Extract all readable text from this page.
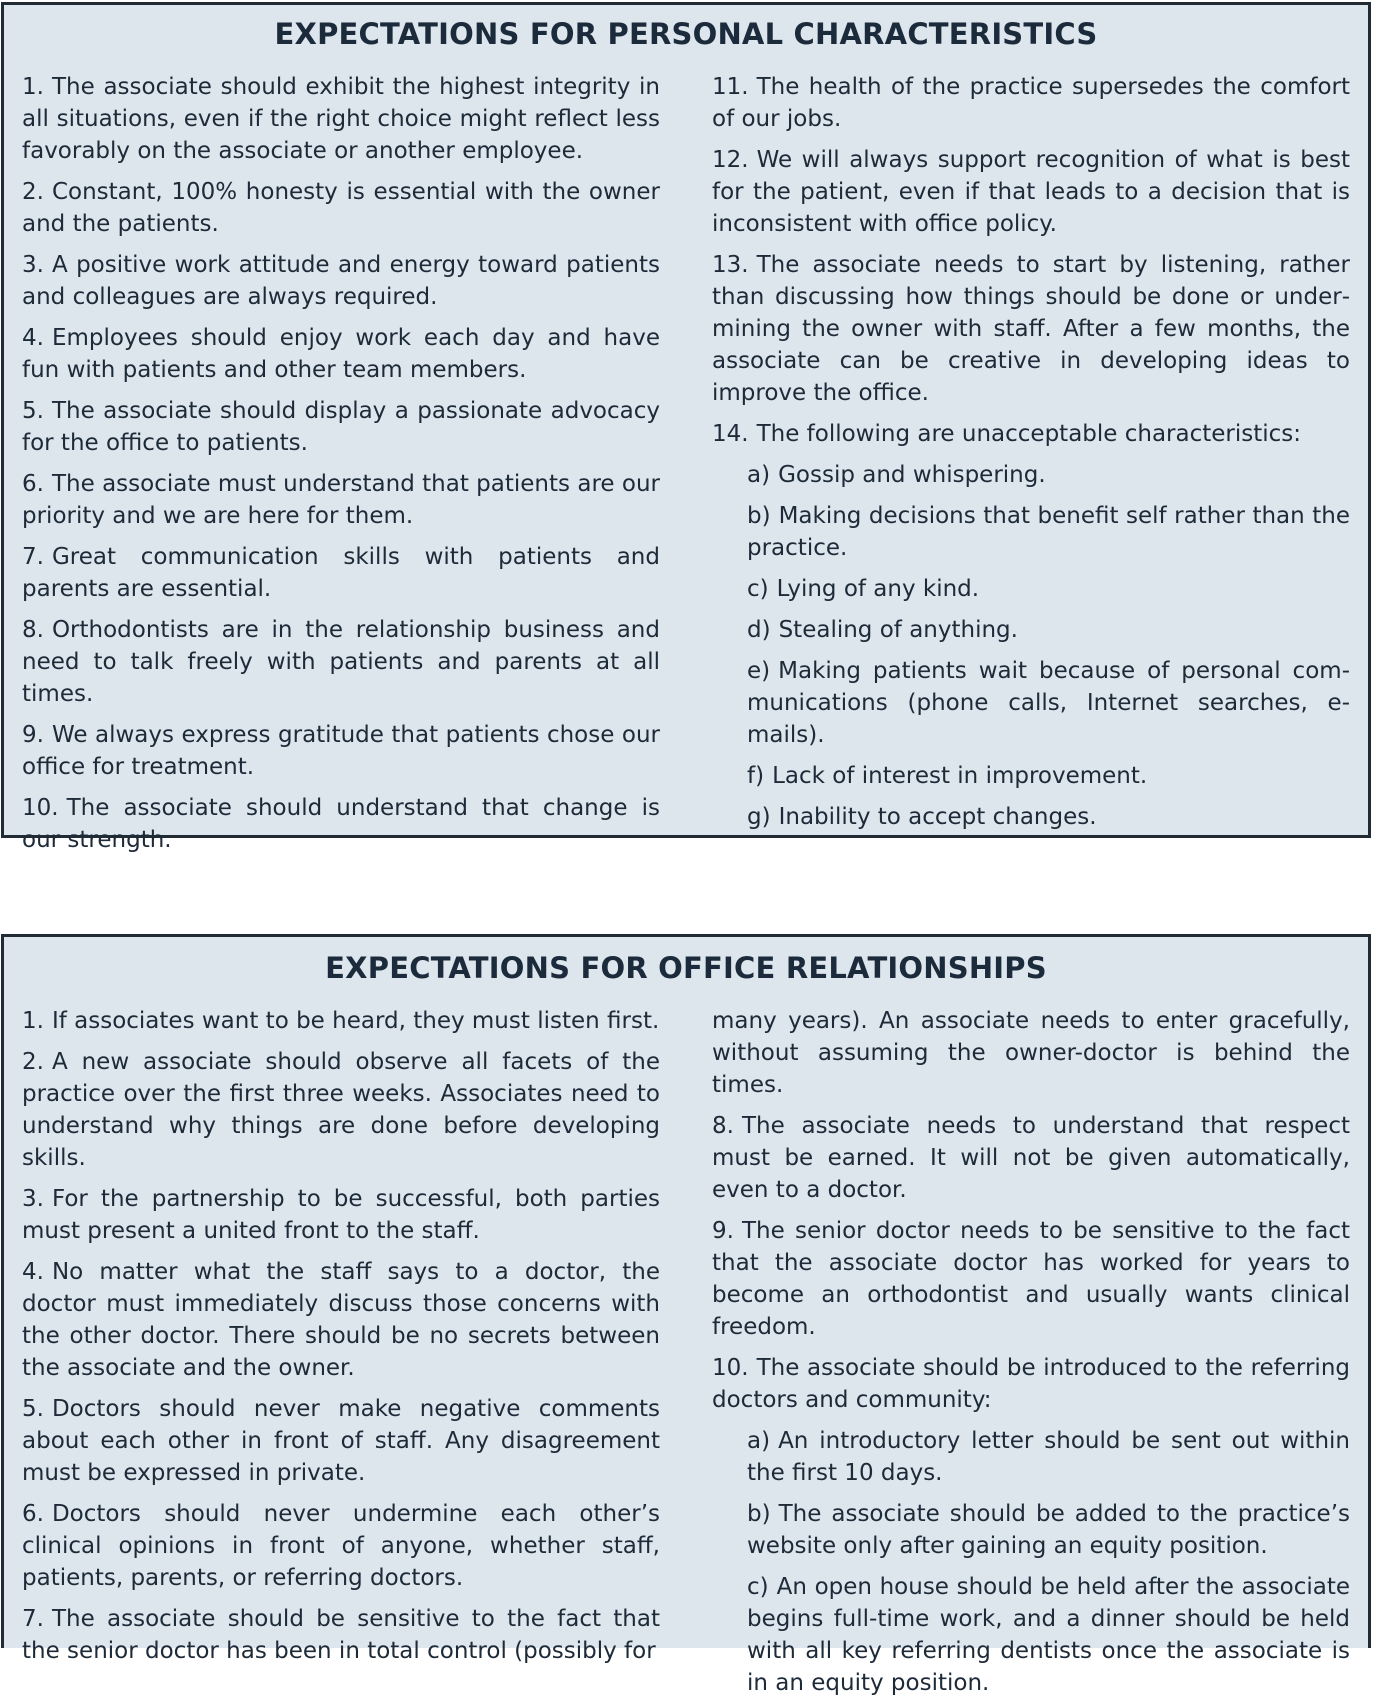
EXPECTATIONS FOR PERSONAL CHARACTERISTICS

1. The associate should exhibit the highest integrity in all situations, even if the right choice might reflect less favorably on the associate or another employee.

2. Constant, 100% honesty is essential with the owner and the patients.

3. A positive work attitude and energy toward patients and colleagues are always required.

4. Employees should enjoy work each day and have fun with patients and other team members.

5. The associate should display a passionate advocacy for the office to patients.

6. The associate must understand that patients are our priority and we are here for them.

7. Great communication skills with patients and parents are essential.

8. Orthodontists are in the relationship business and need to talk freely with patients and parents at all times.

9. We always express gratitude that patients chose our office for treatment.

10. The associate should understand that change is our strength.

11. The health of the practice supersedes the comfort of our jobs.

12. We will always support recognition of what is best for the patient, even if that leads to a decision that is inconsistent with office policy.

13. The associate needs to start by listening, rather than discussing how things should be done or undermining the owner with staff. After a few months, the associate can be creative in developing ideas to improve the office.

14. The following are unacceptable characteristics:

a) Gossip and whispering.

b) Making decisions that benefit self rather than the practice.

c) Lying of any kind.

d) Stealing of anything.

e) Making patients wait because of personal communications (phone calls, Internet searches, e-mails).

f) Lack of interest in improvement.

g) Inability to accept changes.

EXPECTATIONS FOR OFFICE RELATIONSHIPS

1. If associates want to be heard, they must listen first.

2. A new associate should observe all facets of the practice over the first three weeks. Associates need to understand why things are done before developing skills.

3. For the partnership to be successful, both parties must present a united front to the staff.

4. No matter what the staff says to a doctor, the doctor must immediately discuss those concerns with the other doctor. There should be no secrets between the associate and the owner.

5. Doctors should never make negative comments about each other in front of staff. Any disagreement must be expressed in private.

6. Doctors should never undermine each other’s clinical opinions in front of anyone, whether staff, patients, parents, or referring doctors.

7. The associate should be sensitive to the fact that the senior doctor has been in total control (possibly for

many years). An associate needs to enter gracefully, without assuming the owner-doctor is behind the times.

8. The associate needs to understand that respect must be earned. It will not be given automatically, even to a doctor.

9. The senior doctor needs to be sensitive to the fact that the associate doctor has worked for years to become an orthodontist and usually wants clinical freedom.

10. The associate should be introduced to the referring doctors and community:

a) An introductory letter should be sent out within the first 10 days.

b) The associate should be added to the practice’s website only after gaining an equity position.

c) An open house should be held after the associate begins full-time work, and a dinner should be held with all key referring dentists once the associate is in an equity position.
